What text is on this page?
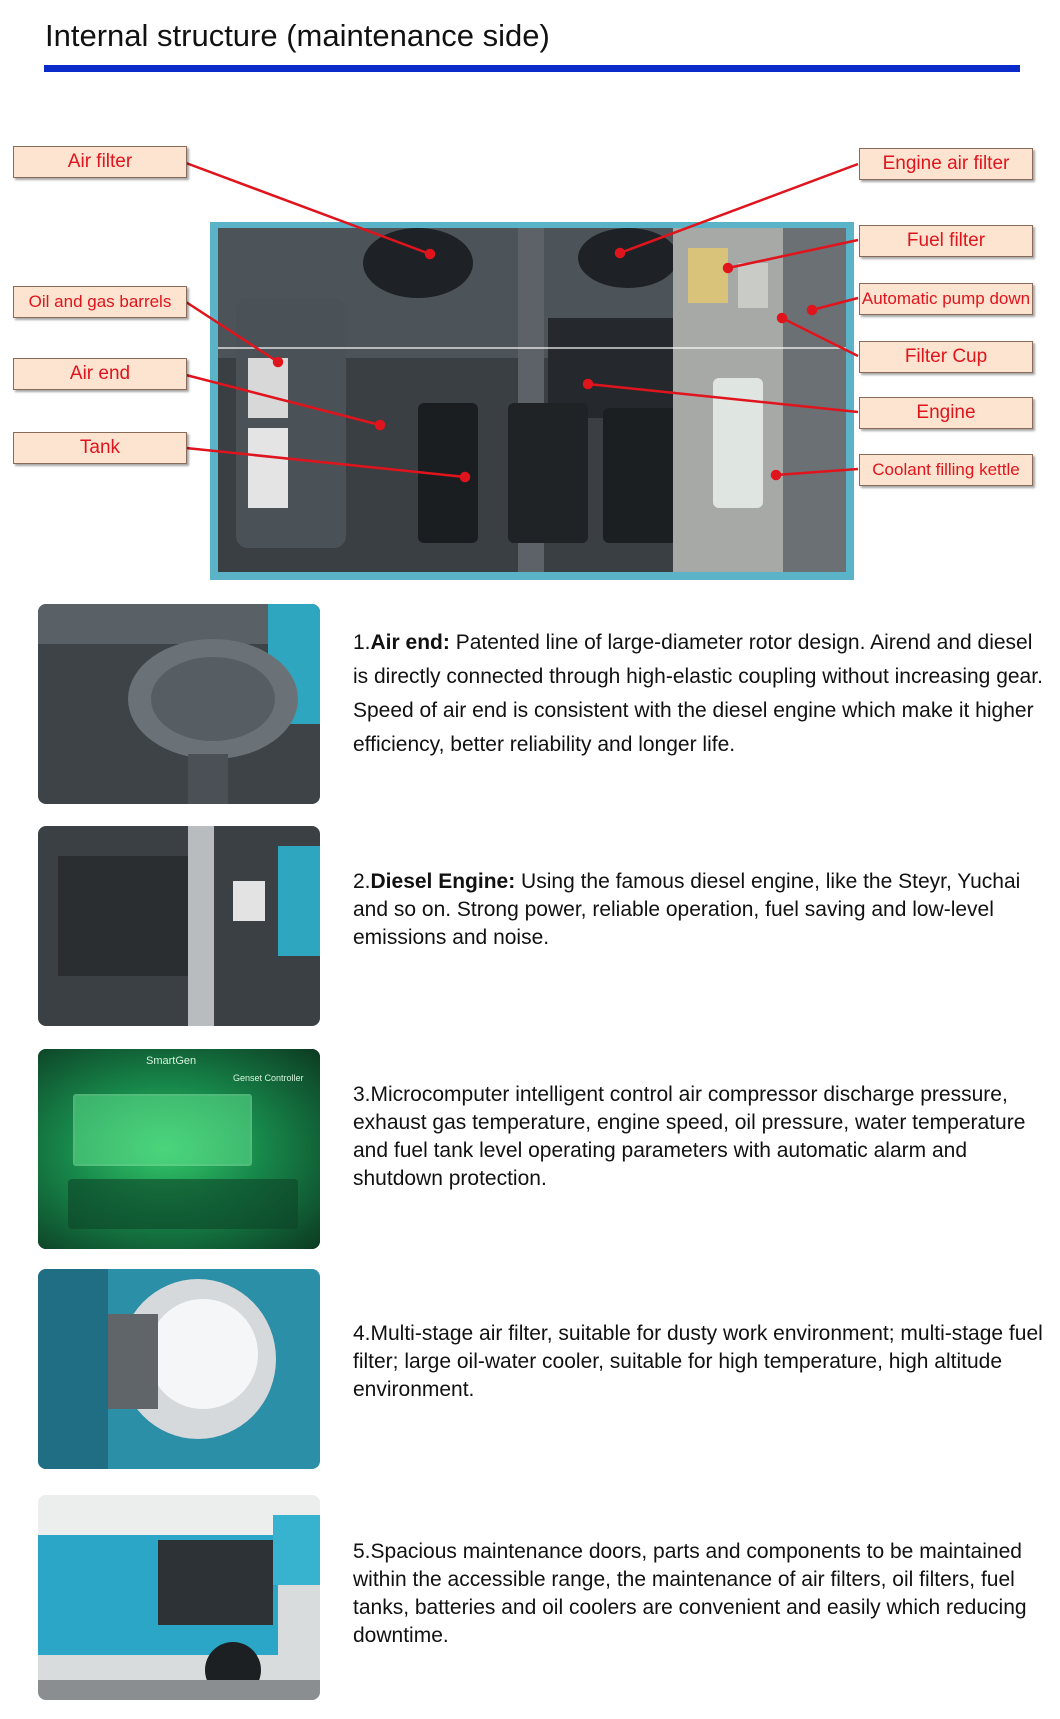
Internal structure (maintenance side)
Air filter
Oil and gas barrels
Air end
Tank
Engine air filter
Fuel filter
Automatic pump down
Filter Cup
Engine
Coolant filling kettle
1.Air end: Patented line of large-diameter rotor design. Airend and diesel is directly connected through high-elastic coupling without increasing gear. Speed of air end is consistent with the diesel engine which make it higher efficiency, better reliability and longer life.
2.Diesel Engine: Using the famous diesel engine, like the Steyr, Yuchai and so on. Strong power, reliable operation, fuel saving and low-level emissions and noise.
SmartGen
Genset Controller
3.Microcomputer intelligent control air compressor discharge pressure, exhaust gas temperature, engine speed, oil pressure, water temperature and fuel tank level operating parameters with automatic alarm and shutdown protection.
4.Multi-stage air filter, suitable for dusty work environment; multi-stage fuel filter; large oil-water cooler, suitable for high temperature, high altitude environment.
5.Spacious maintenance doors, parts and components to be maintained within the accessible range, the maintenance of air filters, oil filters, fuel tanks, batteries and oil coolers are convenient and easily which reducing downtime.
